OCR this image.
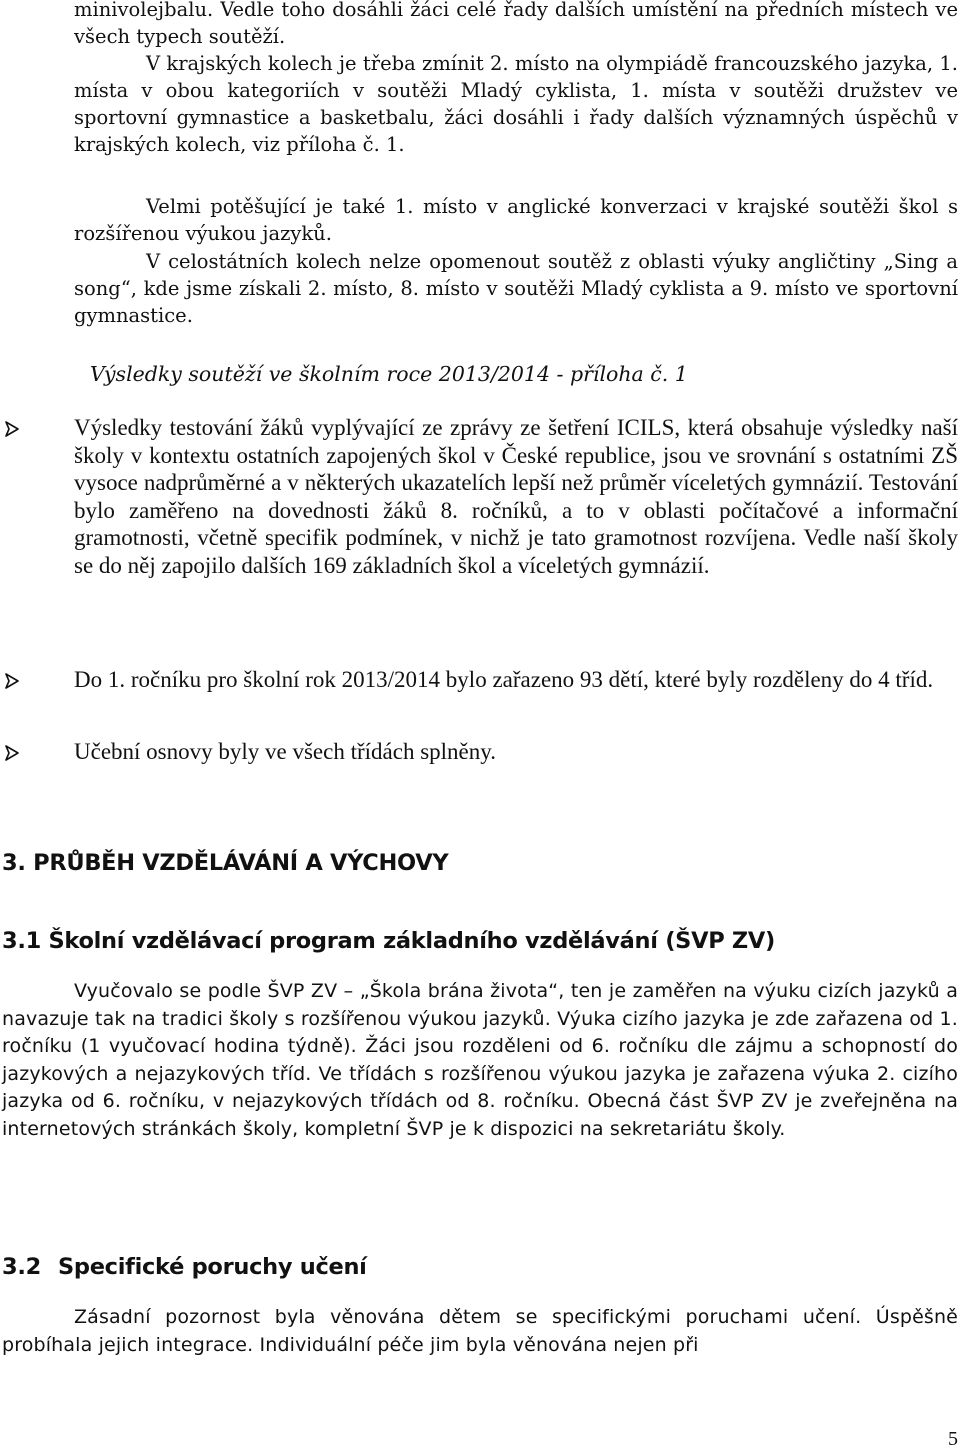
minivolejbalu. Vedle toho dosáhli žáci celé řady dalších umístění na předních místech ve všech typech soutěží.
V krajských kolech je třeba zmínit 2. místo na olympiádě francouzského jazyka, 1. místa v obou kategoriích v soutěži Mladý cyklista, 1. místa v soutěži družstev ve sportovní gymnastice a basketbalu, žáci dosáhli i řady dalších významných úspěchů v krajských kolech, viz příloha č. 1.
Velmi potěšující je také 1. místo v anglické konverzaci v krajské soutěži škol s rozšířenou výukou jazyků.
V celostátních kolech nelze opomenout soutěž z oblasti výuky angličtiny „Sing a song“, kde jsme získali 2. místo, 8. místo v soutěži Mladý cyklista a 9. místo ve sportovní gymnastice.
Výsledky soutěží ve školním roce 2013/2014 - příloha č. 1
Výsledky testování žáků vyplývající ze zprávy ze šetření ICILS, která obsahuje výsledky naší školy v kontextu ostatních zapojených škol v České republice, jsou ve srovnání s ostatními ZŠ vysoce nadprůměrné a v některých ukazatelích lepší než průměr víceletých gymnázií. Testování bylo zaměřeno na dovednosti žáků 8. ročníků, a to v oblasti počítačové a informační gramotnosti, včetně specifik podmínek, v nichž je tato gramotnost rozvíjena. Vedle naší školy se do něj zapojilo dalších 169 základních škol a víceletých gymnázií.
Do 1. ročníku pro školní rok 2013/2014 bylo zařazeno 93 dětí, které byly rozděleny do 4 tříd.
Učební osnovy byly ve všech třídách splněny.
3. PRŮBĚH VZDĚLÁVÁNÍ A VÝCHOVY
3.1 Školní vzdělávací program základního vzdělávání (ŠVP ZV)
Vyučovalo se podle ŠVP ZV – „Škola brána života“, ten je zaměřen na výuku cizích jazyků a navazuje tak na tradici školy s rozšířenou výukou jazyků. Výuka cizího jazyka je zde zařazena od 1. ročníku (1 vyučovací hodina týdně). Žáci jsou rozděleni od 6. ročníku dle zájmu a schopností do jazykových a nejazykových tříd. Ve třídách s rozšířenou výukou jazyka je zařazena výuka 2. cizího jazyka od 6. ročníku, v nejazykových třídách od 8. ročníku. Obecná část ŠVP ZV je zveřejněna na internetových stránkách školy, kompletní ŠVP je k dispozici na sekretariátu školy.
3.2 Specifické poruchy učení
Zásadní pozornost byla věnována dětem se specifickými poruchami učení. Úspěšně probíhala jejich integrace. Individuální péče jim byla věnována nejen při
5
